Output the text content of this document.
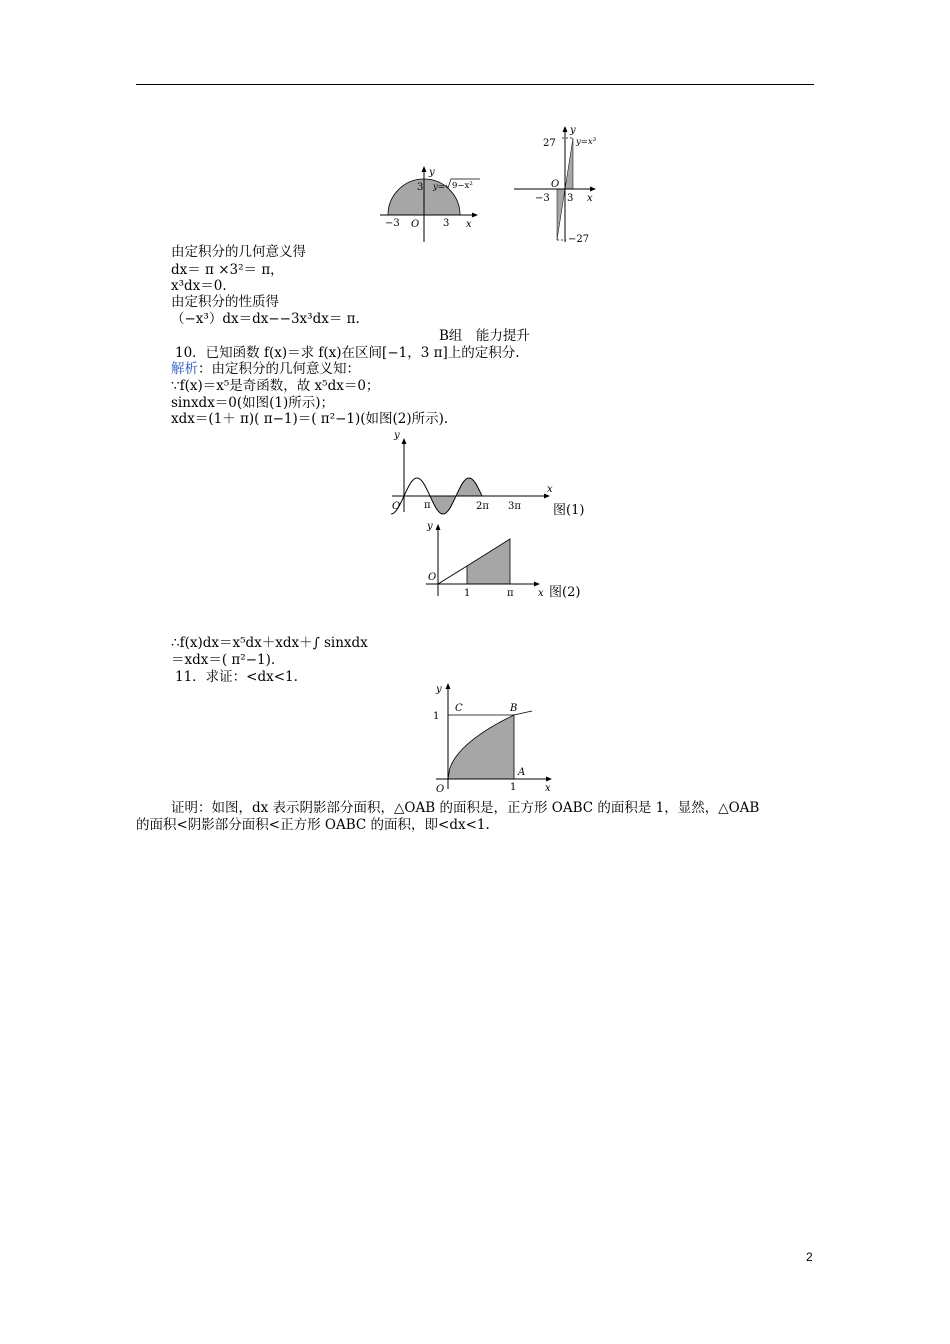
y
x
O
3
−3	3
y= 9−x²
y
x
O
27
−27
−3 3
y=x³
由定积分的几何意义得
dx＝ π ×3²＝ π，
x³dx＝0.
由定积分的性质得
（−x³）dx＝dx−−3x³dx＝ π.
B组　能力提升
10．已知函数 f(x)＝求 f(x)在区间[−1，3 π]上的定积分.
解析：由定积分的几何意义知：
∵f(x)＝x⁵是奇函数，故 x⁵dx＝0；
sinxdx＝0(如图(1)所示)；
xdx＝(1＋ π)( π−1)＝( π²−1)(如图(2)所示).
y
x
O π	2π 3π 图(1)
y
x
O
1	π	图(2)
∴f(x)dx＝x⁵dx＋xdx＋∫ sinxdx
＝xdx＝( π²−1).
11．求证：<dx<1.
y
x
O
1
1
C	B
A
证明：如图，dx 表示阴影部分面积，△OAB 的面积是，正方形 OABC 的面积是 1，显然，△OAB
的面积<阴影部分面积<正方形 OABC 的面积，即<dx<1.
2
